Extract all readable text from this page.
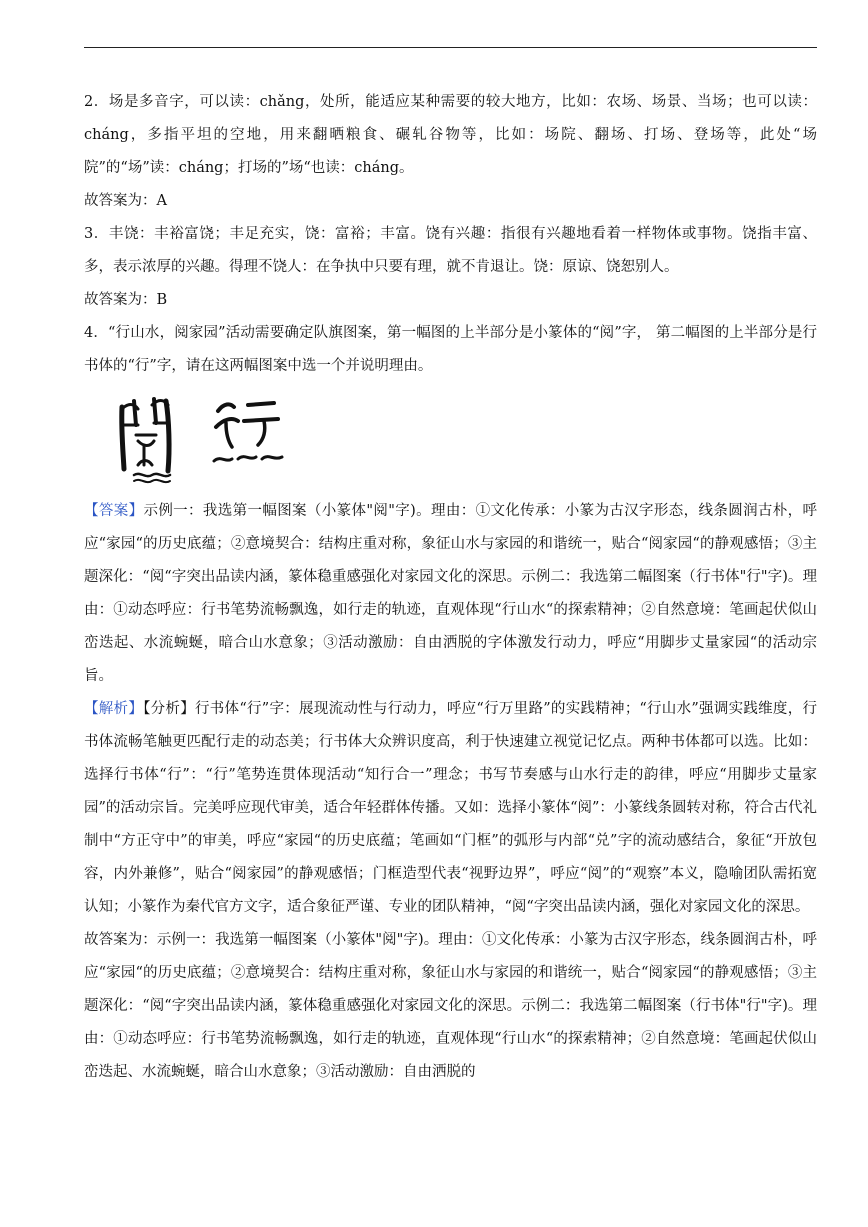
2．场是多音字，可以读：chǎng，处所，能适应某种需要的较大地方，比如：农场、场景、当场；也可以读：cháng，多指平坦的空地，用来翻晒粮食、碾轧谷物等，比如：场院、翻场、打场、登场等，此处“场院”的“场”读：cháng；打场的”场“也读：cháng。

故答案为：A

3．丰饶：丰裕富饶；丰足充实，饶：富裕；丰富。饶有兴趣：指很有兴趣地看着一样物体或事物。饶指丰富、多，表示浓厚的兴趣。得理不饶人：在争执中只要有理，就不肯退让。饶：原谅、饶恕别人。

故答案为：B

4．“行山水，阅家园”活动需要确定队旗图案，第一幅图的上半部分是小篆体的“阅”字， 第二幅图的上半部分是行书体的“行”字，请在这两幅图案中选一个并说明理由。

【答案】示例一：我选第一幅图案（小篆体"阅"字)。理由：①文化传承：小篆为古汉字形态，线条圆润古朴，呼应“家园“的历史底蕴；②意境契合：结构庄重对称，象征山水与家园的和谐统一，贴合“阅家园“的静观感悟；③主题深化：“阅“字突出品读内涵，篆体稳重感强化对家园文化的深思。示例二：我选第二幅图案（行书体"行"字)。理由：①动态呼应：行书笔势流畅飘逸，如行走的轨迹，直观体现“行山水“的探索精神；②自然意境：笔画起伏似山峦迭起、水流蜿蜒，暗合山水意象；③活动激励：自由洒脱的字体激发行动力，呼应“用脚步丈量家园“的活动宗旨。

【解析】【分析】行书体“行”字：展现流动性与行动力，呼应“行万里路”的实践精神；“行山水”强调实践维度，行书体流畅笔触更匹配行走的动态美；行书体大众辨识度高，利于快速建立视觉记忆点。两种书体都可以选。比如：选择行书体“行”：“行”笔势连贯体现活动“知行合一”理念；书写节奏感与山水行走的韵律，呼应“用脚步丈量家园”的活动宗旨。完美呼应现代审美，适合年轻群体传播。又如：选择小篆体“阅”：小篆线条圆转对称，符合古代礼制中“方正守中”的审美，呼应“家园“的历史底蕴；笔画如“门框”的弧形与内部“兑”字的流动感结合，象征“开放包容，内外兼修”，贴合“阅家园”的静观感悟；门框造型代表“视野边界”，呼应“阅”的“观察”本义，隐喻团队需拓宽认知；小篆作为秦代官方文字，适合象征严谨、专业的团队精神，“阅“字突出品读内涵，强化对家园文化的深思。

故答案为：示例一：我选第一幅图案（小篆体"阅"字)。理由：①文化传承：小篆为古汉字形态，线条圆润古朴，呼应“家园“的历史底蕴；②意境契合：结构庄重对称，象征山水与家园的和谐统一，贴合“阅家园“的静观感悟；③主题深化：“阅“字突出品读内涵，篆体稳重感强化对家园文化的深思。示例二：我选第二幅图案（行书体"行"字)。理由：①动态呼应：行书笔势流畅飘逸，如行走的轨迹，直观体现“行山水“的探索精神；②自然意境：笔画起伏似山峦迭起、水流蜿蜒，暗合山水意象；③活动激励：自由洒脱的
